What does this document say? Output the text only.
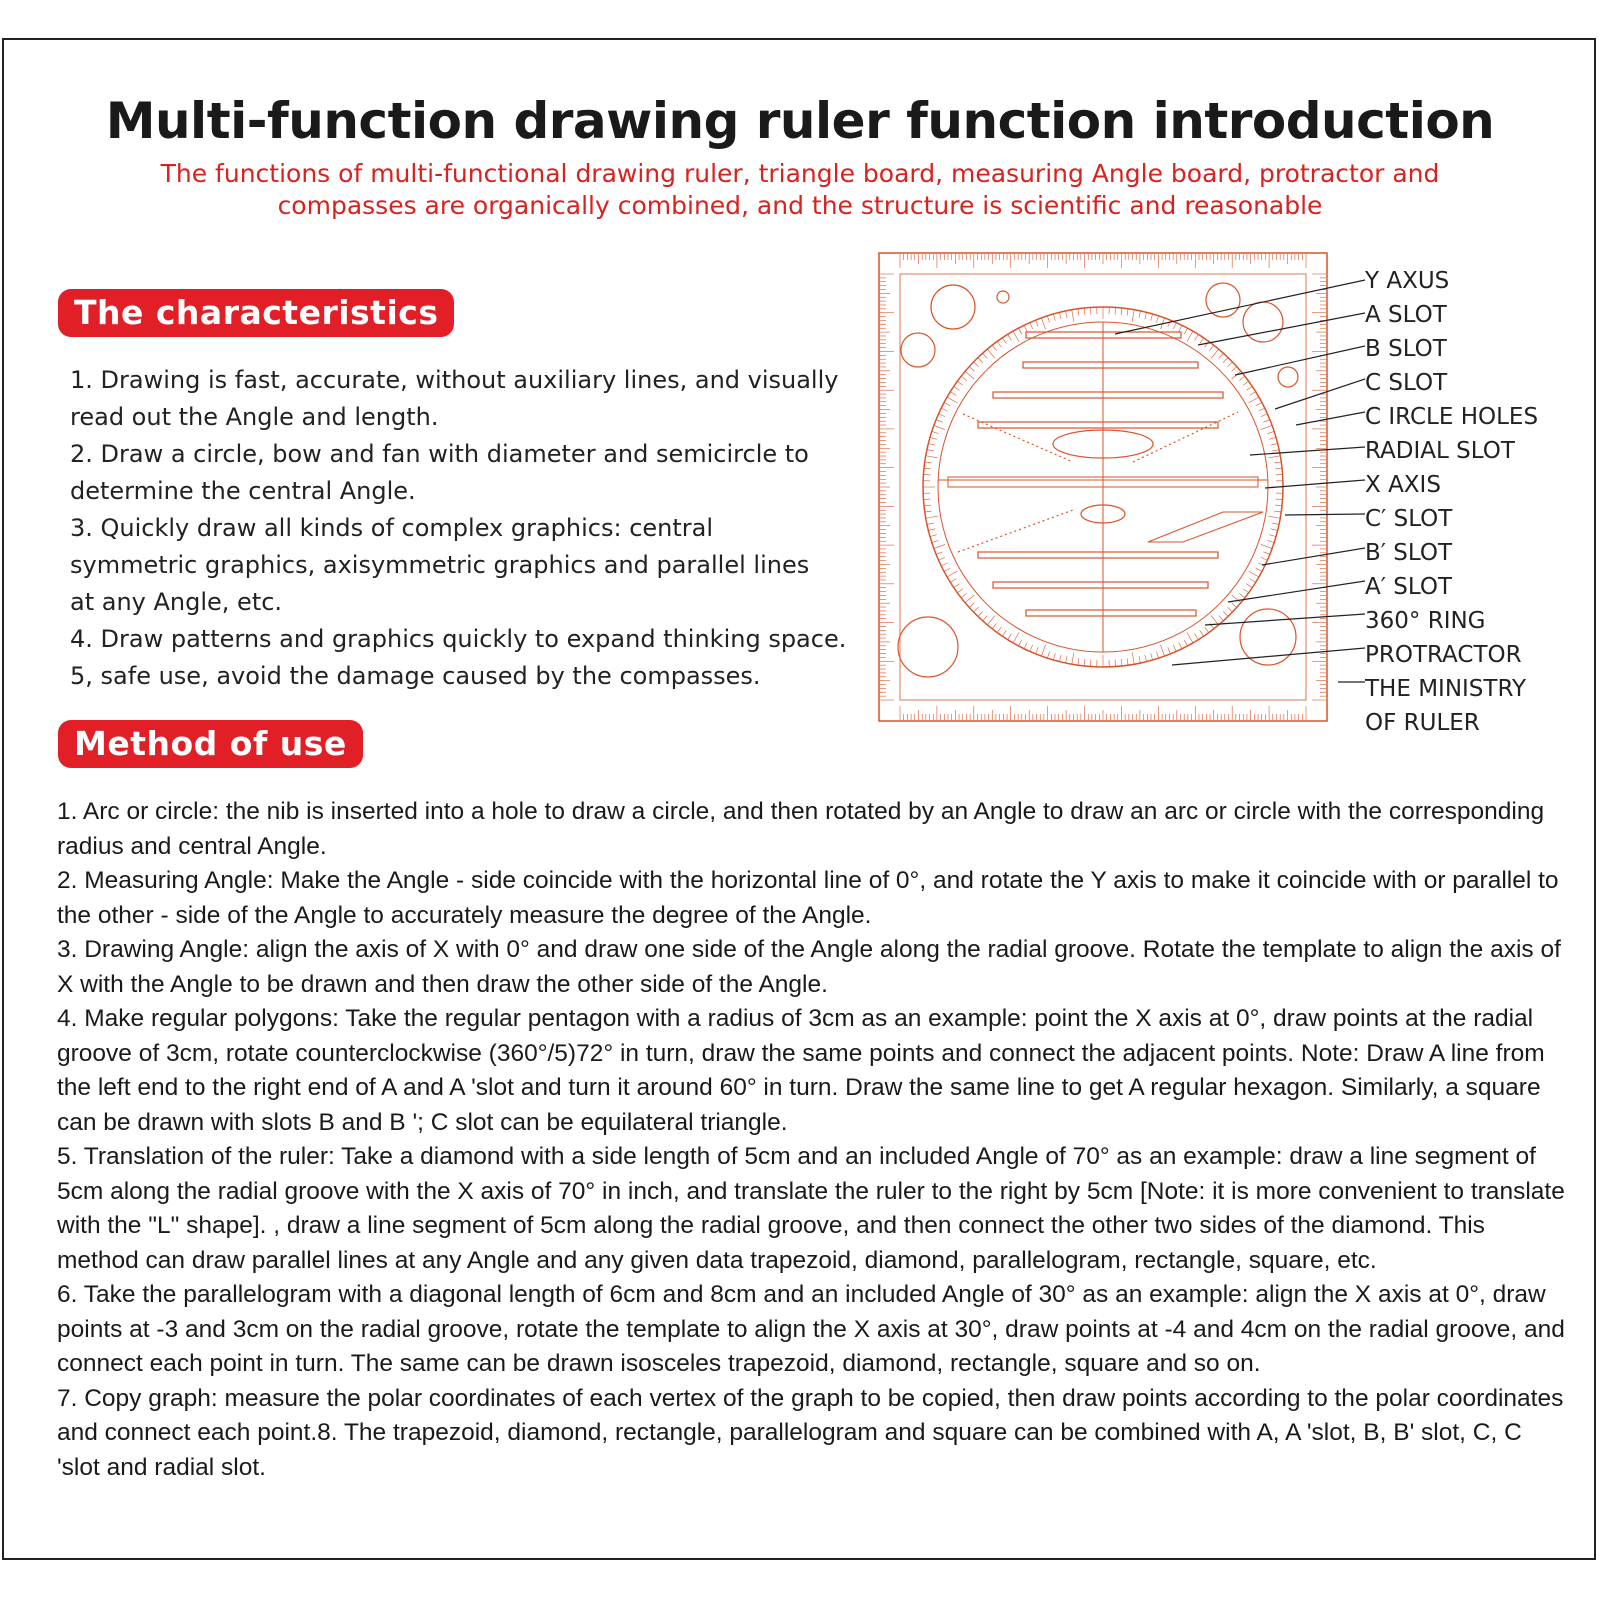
Multi-function drawing ruler function introduction
The functions of multi-functional drawing ruler, triangle board, measuring Angle board, protractor and compasses are organically combined, and the structure is scientific and reasonable
The characteristics
1. Drawing is fast, accurate, without auxiliary lines, and visually
read out the Angle and length.
2. Draw a circle, bow and fan with diameter and semicircle to
determine the central Angle.
3. Quickly draw all kinds of complex graphics: central
symmetric graphics, axisymmetric graphics and parallel lines
at any Angle, etc.
4. Draw patterns and graphics quickly to expand thinking space.
5, safe use, avoid the damage caused by the compasses.
Y AXUS
A SLOT
B SLOT
C SLOT
C IRCLE HOLES
RADIAL SLOT
X AXIS
C′ SLOT
B′ SLOT
A′ SLOT
360° RING
PROTRACTOR
THE MINISTRY
OF RULER
Method of use

1. Arc or circle: the nib is inserted into a hole to draw a circle, and then rotated by an Angle to draw an arc or circle with the corresponding radius and central Angle.

2. Measuring Angle: Make the Angle - side coincide with the horizontal line of 0°, and rotate the Y axis to make it coincide with or parallel to the other - side of the Angle to accurately measure the degree of the Angle.

3. Drawing Angle: align the axis of X with 0° and draw one side of the Angle along the radial groove. Rotate the template to align the axis of X with the Angle to be drawn and then draw the other side of the Angle.

4. Make regular polygons: Take the regular pentagon with a radius of 3cm as an example: point the X axis at 0°, draw points at the radial groove of 3cm, rotate counterclockwise (360°/5)72° in turn, draw the same points and connect the adjacent points. Note: Draw A line from the left end to the right end of A and A 'slot and turn it around 60° in turn. Draw the same line to get A regular hexagon. Similarly, a square can be drawn with slots B and B '; C slot can be equilateral triangle.

5. Translation of the ruler: Take a diamond with a side length of 5cm and an included Angle of 70° as an example: draw a line segment of 5cm along the radial groove with the X axis of 70° in inch, and translate the ruler to the right by 5cm [Note: it is more convenient to translate with the "L" shape]. , draw a line segment of 5cm along the radial groove, and then connect the other two sides of the diamond. This method can draw parallel lines at any Angle and any given data trapezoid, diamond, parallelogram, rectangle, square, etc.

6. Take the parallelogram with a diagonal length of 6cm and 8cm and an included Angle of 30° as an example: align the X axis at 0°, draw points at -3 and 3cm on the radial groove, rotate the template to align the X axis at 30°, draw points at -4 and 4cm on the radial groove, and connect each point in turn. The same can be drawn isosceles trapezoid, diamond, rectangle, square and so on.

7. Copy graph: measure the polar coordinates of each vertex of the graph to be copied, then draw points according to the polar coordinates and connect each point.8. The trapezoid, diamond, rectangle, parallelogram and square can be combined with A, A 'slot, B, B' slot, C, C 'slot and radial slot.
